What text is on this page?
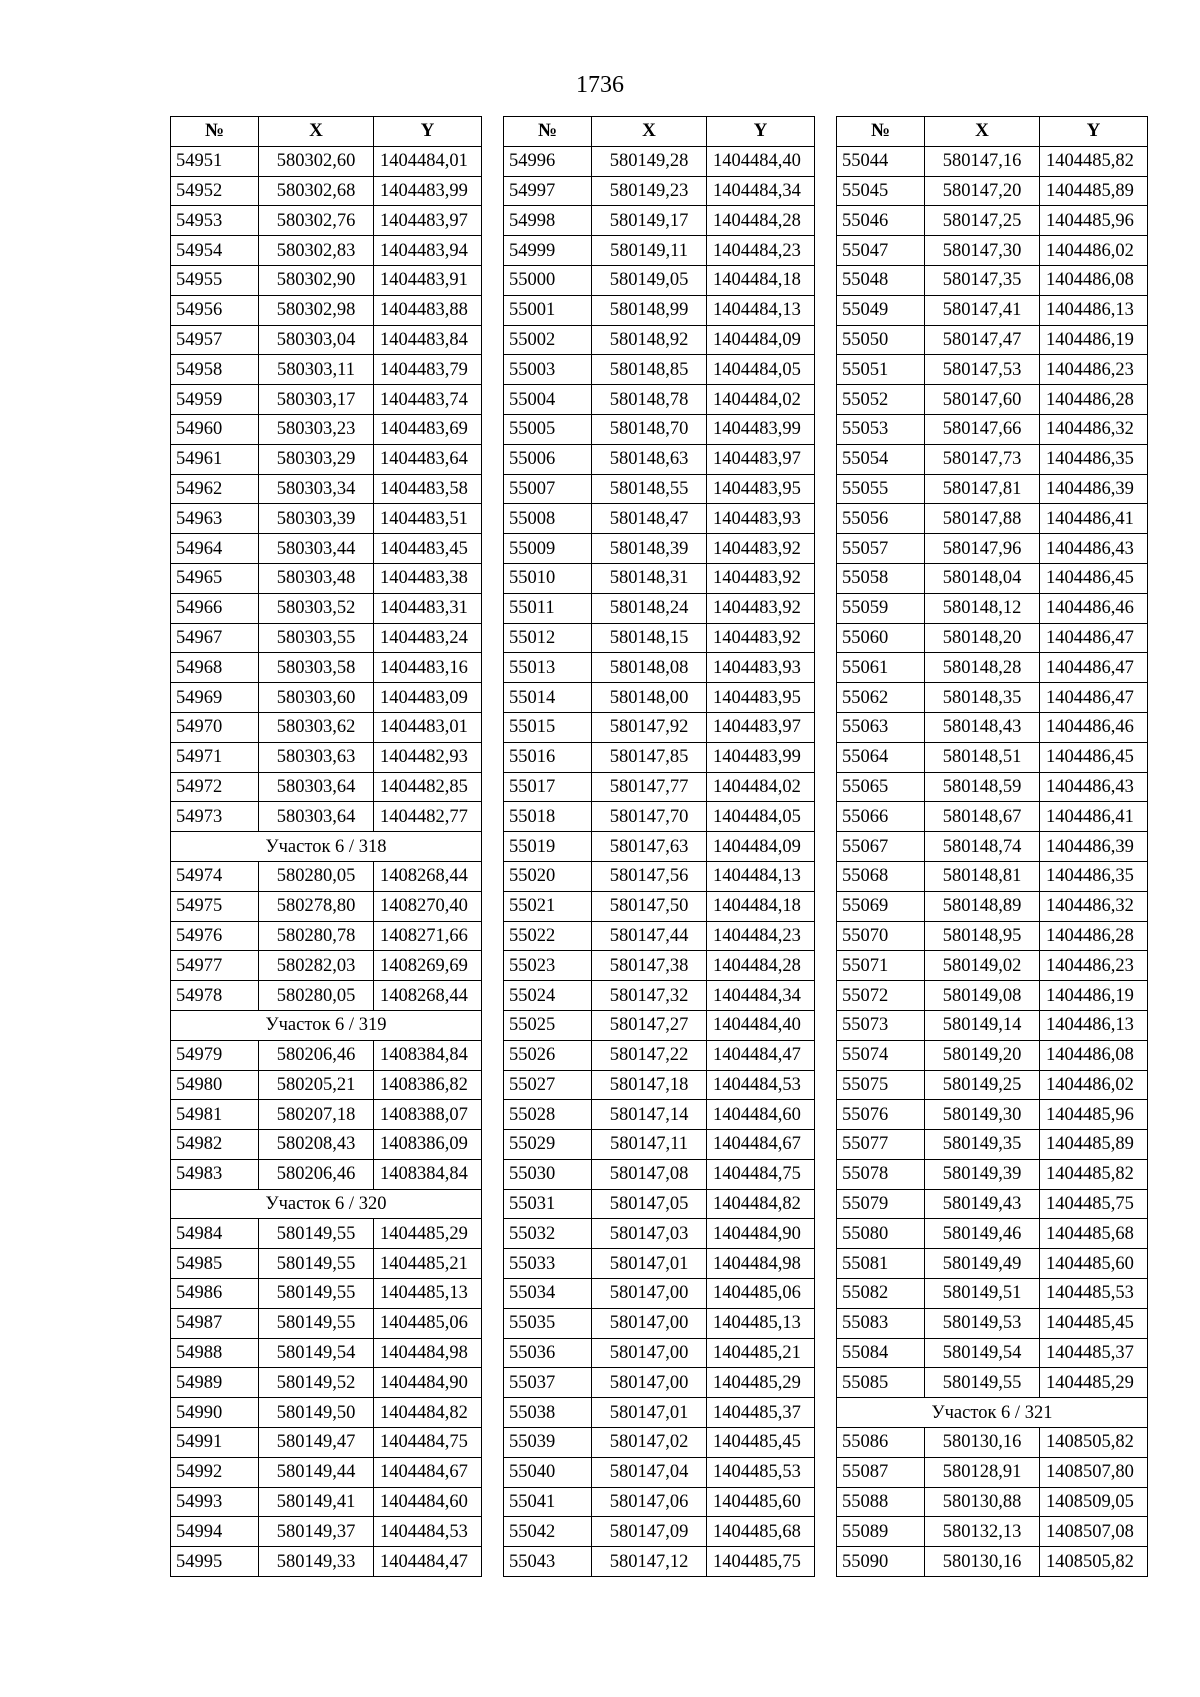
1736
№	X	Y
54951	580302,60	1404484,01
54952	580302,68	1404483,99
54953	580302,76	1404483,97
54954	580302,83	1404483,94
54955	580302,90	1404483,91
54956	580302,98	1404483,88
54957	580303,04	1404483,84
54958	580303,11	1404483,79
54959	580303,17	1404483,74
54960	580303,23	1404483,69
54961	580303,29	1404483,64
54962	580303,34	1404483,58
54963	580303,39	1404483,51
54964	580303,44	1404483,45
54965	580303,48	1404483,38
54966	580303,52	1404483,31
54967	580303,55	1404483,24
54968	580303,58	1404483,16
54969	580303,60	1404483,09
54970	580303,62	1404483,01
54971	580303,63	1404482,93
54972	580303,64	1404482,85
54973	580303,64	1404482,77
Участок 6 / 318		
54974	580280,05	1408268,44
54975	580278,80	1408270,40
54976	580280,78	1408271,66
54977	580282,03	1408269,69
54978	580280,05	1408268,44
Участок 6 / 319		
54979	580206,46	1408384,84
54980	580205,21	1408386,82
54981	580207,18	1408388,07
54982	580208,43	1408386,09
54983	580206,46	1408384,84
Участок 6 / 320		
54984	580149,55	1404485,29
54985	580149,55	1404485,21
54986	580149,55	1404485,13
54987	580149,55	1404485,06
54988	580149,54	1404484,98
54989	580149,52	1404484,90
54990	580149,50	1404484,82
54991	580149,47	1404484,75
54992	580149,44	1404484,67
54993	580149,41	1404484,60
54994	580149,37	1404484,53
54995	580149,33	1404484,47
№	X	Y
54996	580149,28	1404484,40
54997	580149,23	1404484,34
54998	580149,17	1404484,28
54999	580149,11	1404484,23
55000	580149,05	1404484,18
55001	580148,99	1404484,13
55002	580148,92	1404484,09
55003	580148,85	1404484,05
55004	580148,78	1404484,02
55005	580148,70	1404483,99
55006	580148,63	1404483,97
55007	580148,55	1404483,95
55008	580148,47	1404483,93
55009	580148,39	1404483,92
55010	580148,31	1404483,92
55011	580148,24	1404483,92
55012	580148,15	1404483,92
55013	580148,08	1404483,93
55014	580148,00	1404483,95
55015	580147,92	1404483,97
55016	580147,85	1404483,99
55017	580147,77	1404484,02
55018	580147,70	1404484,05
55019	580147,63	1404484,09
55020	580147,56	1404484,13
55021	580147,50	1404484,18
55022	580147,44	1404484,23
55023	580147,38	1404484,28
55024	580147,32	1404484,34
55025	580147,27	1404484,40
55026	580147,22	1404484,47
55027	580147,18	1404484,53
55028	580147,14	1404484,60
55029	580147,11	1404484,67
55030	580147,08	1404484,75
55031	580147,05	1404484,82
55032	580147,03	1404484,90
55033	580147,01	1404484,98
55034	580147,00	1404485,06
55035	580147,00	1404485,13
55036	580147,00	1404485,21
55037	580147,00	1404485,29
55038	580147,01	1404485,37
55039	580147,02	1404485,45
55040	580147,04	1404485,53
55041	580147,06	1404485,60
55042	580147,09	1404485,68
55043	580147,12	1404485,75
№	X	Y
55044	580147,16	1404485,82
55045	580147,20	1404485,89
55046	580147,25	1404485,96
55047	580147,30	1404486,02
55048	580147,35	1404486,08
55049	580147,41	1404486,13
55050	580147,47	1404486,19
55051	580147,53	1404486,23
55052	580147,60	1404486,28
55053	580147,66	1404486,32
55054	580147,73	1404486,35
55055	580147,81	1404486,39
55056	580147,88	1404486,41
55057	580147,96	1404486,43
55058	580148,04	1404486,45
55059	580148,12	1404486,46
55060	580148,20	1404486,47
55061	580148,28	1404486,47
55062	580148,35	1404486,47
55063	580148,43	1404486,46
55064	580148,51	1404486,45
55065	580148,59	1404486,43
55066	580148,67	1404486,41
55067	580148,74	1404486,39
55068	580148,81	1404486,35
55069	580148,89	1404486,32
55070	580148,95	1404486,28
55071	580149,02	1404486,23
55072	580149,08	1404486,19
55073	580149,14	1404486,13
55074	580149,20	1404486,08
55075	580149,25	1404486,02
55076	580149,30	1404485,96
55077	580149,35	1404485,89
55078	580149,39	1404485,82
55079	580149,43	1404485,75
55080	580149,46	1404485,68
55081	580149,49	1404485,60
55082	580149,51	1404485,53
55083	580149,53	1404485,45
55084	580149,54	1404485,37
55085	580149,55	1404485,29
Участок 6 / 321		
55086	580130,16	1408505,82
55087	580128,91	1408507,80
55088	580130,88	1408509,05
55089	580132,13	1408507,08
55090	580130,16	1408505,82
